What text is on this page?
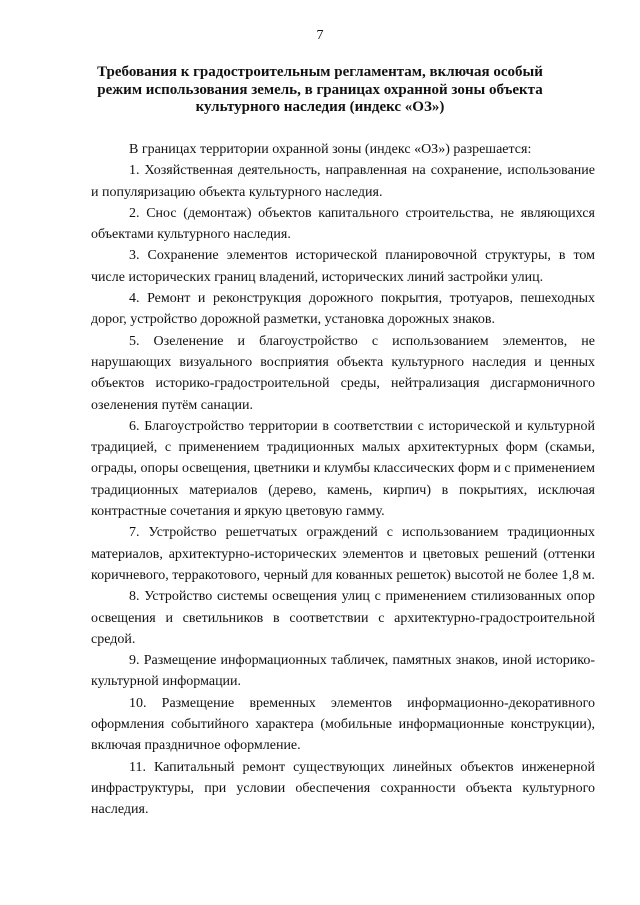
7
Требования к градостроительным регламентам, включая особый режим использования земель, в границах охранной зоны объекта культурного наследия (индекс «ОЗ»)

В границах территории охранной зоны (индекс «ОЗ») разрешается:

1. Хозяйственная деятельность, направленная на сохранение, использование и популяризацию объекта культурного наследия.

2. Снос (демонтаж) объектов капитального строительства, не являющихся объектами культурного наследия.

3. Сохранение элементов исторической планировочной структуры, в том числе исторических границ владений, исторических линий застройки улиц.

4. Ремонт и реконструкция дорожного покрытия, тротуаров, пешеходных дорог, устройство дорожной разметки, установка дорожных знаков.

5. Озеленение и благоустройство с использованием элементов, не нарушающих визуального восприятия объекта культурного наследия и ценных объектов историко-градостроительной среды, нейтрализация дисгармоничного озеленения путём санации.

6. Благоустройство территории в соответствии с исторической и культурной традицией, с применением традиционных малых архитектурных форм (скамьи, ограды, опоры освещения, цветники и клумбы классических форм и с применением традиционных материалов (дерево, камень, кирпич) в покрытиях, исключая контрастные сочетания и яркую цветовую гамму.

7. Устройство решетчатых ограждений с использованием традиционных материалов, архитектурно-исторических элементов и цветовых решений (оттенки коричневого, терракотового, черный для кованных решеток) высотой не более 1,8 м.

8. Устройство системы освещения улиц с применением стилизованных опор освещения и светильников в соответствии с архитектурно-градостроительной средой.

9. Размещение информационных табличек, памятных знаков, иной историко-культурной информации.

10. Размещение временных элементов информационно-декоративного оформления событийного характера (мобильные информационные конструкции), включая праздничное оформление.

11. Капитальный ремонт существующих линейных объектов инженерной инфраструктуры, при условии обеспечения сохранности объекта культурного наследия.
